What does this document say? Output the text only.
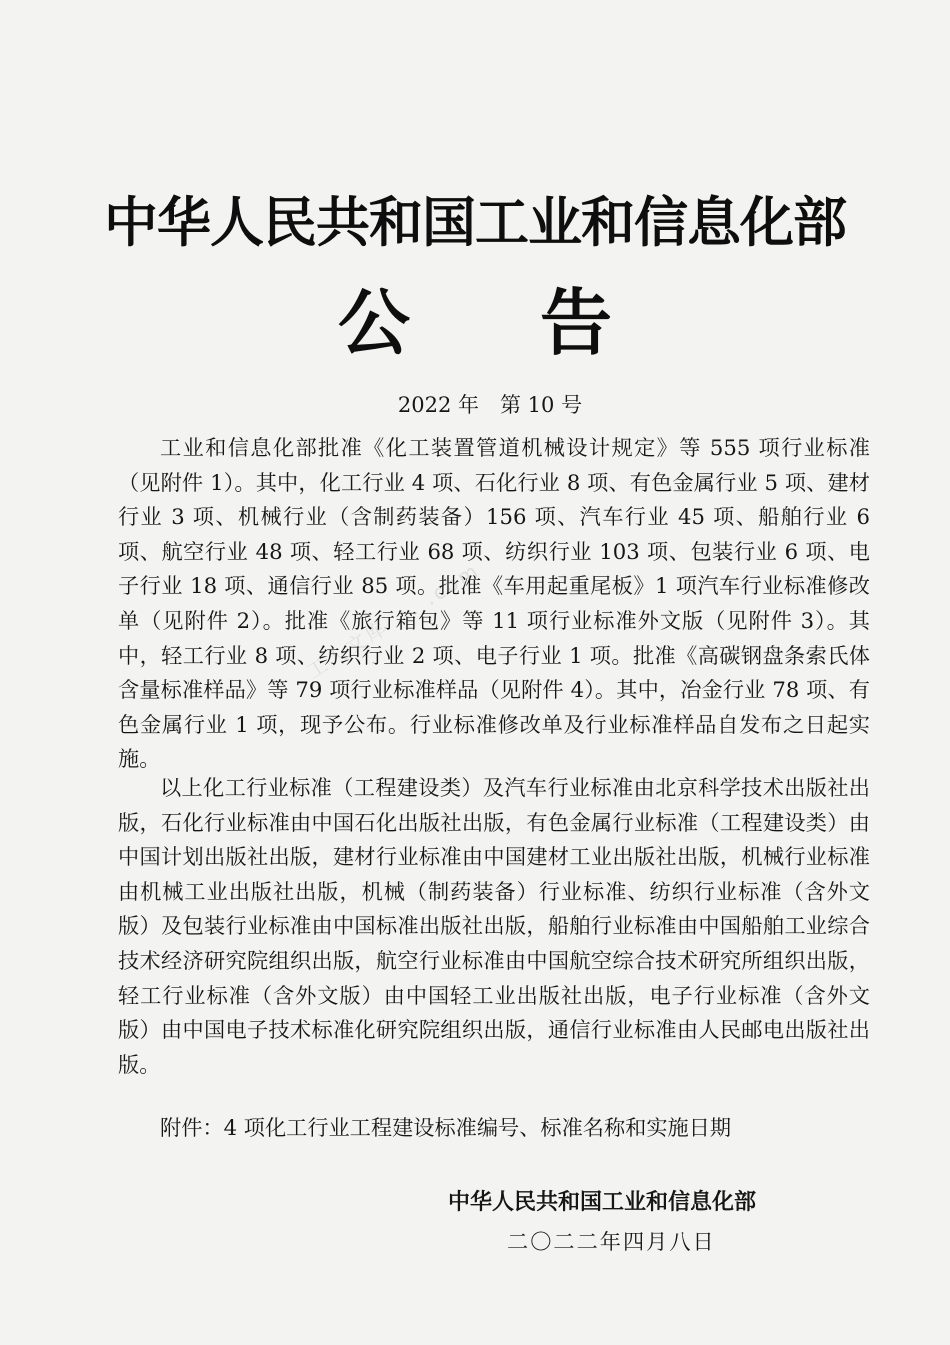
中华人民共和国工业和信息化部
公告
2022 年　第 10 号

工业和信息化部批准《化工装置管道机械设计规定》等 555 项行业标准（见附件 1）。其中，化工行业 4 项、石化行业 8 项、有色金属行业 5 项、建材行业 3 项、机械行业（含制药装备）156 项、汽车行业 45 项、船舶行业 6 项、航空行业 48 项、轻工行业 68 项、纺织行业 103 项、包装行业 6 项、电子行业 18 项、通信行业 85 项。批准《车用起重尾板》1 项汽车行业标准修改单（见附件 2）。批准《旅行箱包》等 11 项行业标准外文版（见附件 3）。其中，轻工行业 8 项、纺织行业 2 项、电子行业 1 项。批准《高碳钢盘条索氏体含量标准样品》等 79 项行业标准样品（见附件 4）。其中，冶金行业 78 项、有色金属行业 1 项，现予公布。行业标准修改单及行业标准样品自发布之日起实施。

以上化工行业标准（工程建设类）及汽车行业标准由北京科学技术出版社出版，石化行业标准由中国石化出版社出版，有色金属行业标准（工程建设类）由中国计划出版社出版，建材行业标准由中国建材工业出版社出版，机械行业标准由机械工业出版社出版，机械（制药装备）行业标准、纺织行业标准（含外文版）及包装行业标准由中国标准出版社出版，船舶行业标准由中国船舶工业综合技术经济研究院组织出版，航空行业标准由中国航空综合技术研究所组织出版，轻工行业标准（含外文版）由中国轻工业出版社出版，电子行业标准（含外文版）由中国电子技术标准化研究院组织出版，通信行业标准由人民邮电出版社出版。

附件：4 项化工行业工程建设标准编号、标准名称和实施日期
中华人民共和国工业和信息化部
二〇二二年四月八日
工人文库 ... .com
